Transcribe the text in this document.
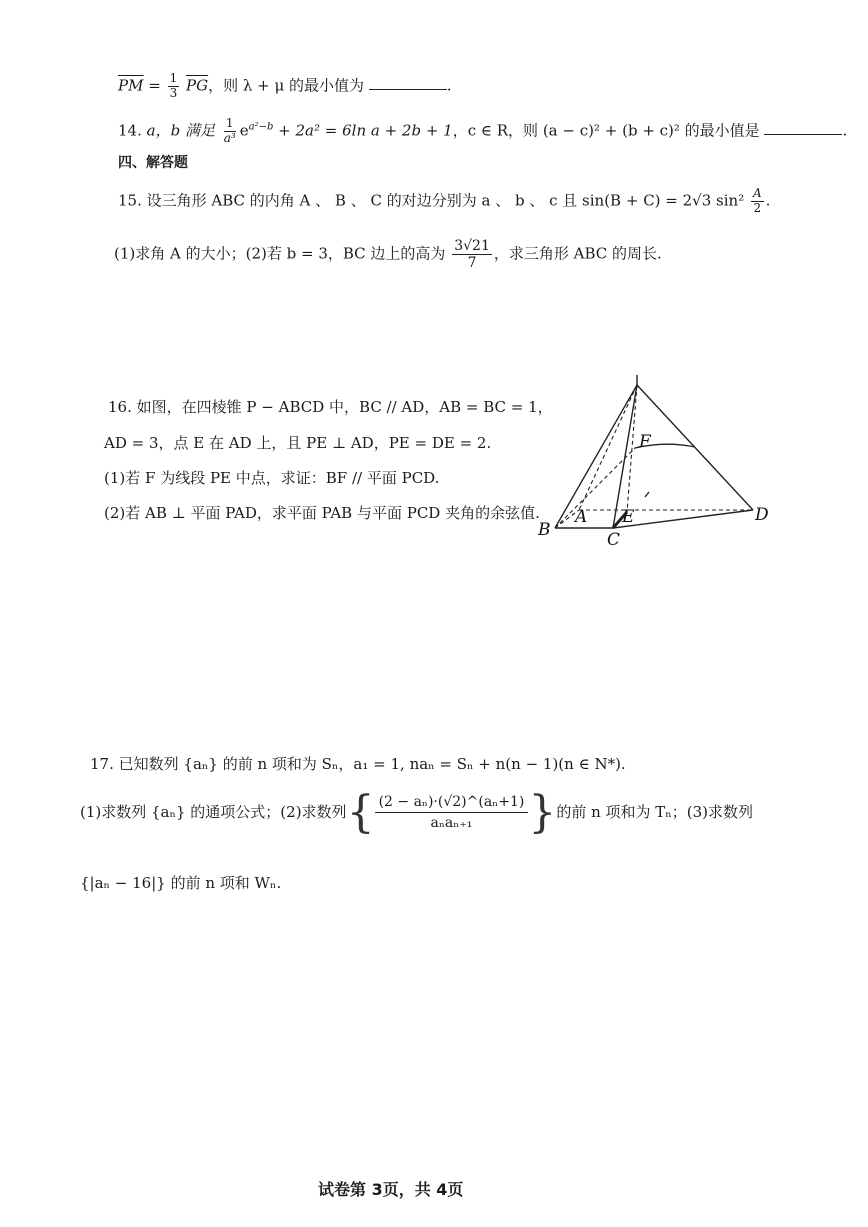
$\overline{PM} = \frac{1}{3} \overline{PG}$，则 λ + μ 的最小值为	.
14. a，b 满足 $\frac{1}{\text{a³}} e^{a^2-b} + 2a^2 = 6\ln$ a + 2b + 1，c ∈ R，则 (a − c)² + (b + c)² 的最小值是	.
四、解答题
15. 设三角形 ABC 的内角 A 、 B 、 C 的对边分别为 a 、 b 、 c 且 sin(B + C) = 2√3 $\sin^2 \frac{A}{2}$ .
(1)求角 A 的大小；(2)若 b = 3，BC 边上的高为 $\frac{3√21}{7}$ ，求三角形 ABC 的周长.
16. 如图，在四棱锥 P − ABCD 中，BC // AD，AB = BC = 1，
AD = 3，点 E 在 AD 上，且 PE ⊥ AD，PE = DE = 2.
(1)若 F 为线段 PE 中点，求证：BF // 平面 PCD.
(2)若 AB ⊥ 平面 PAD，求平面 PAB 与平面 PCD 夹角的余弦值.
B
A
C
E	D
F
17. 已知数列 {aₙ} 的前 n 项和为 Sₙ，a₁ = 1, naₙ = Sₙ + n(n − 1)(n ∈ N*).
(1)求数列 {aₙ} 的通项公式；(2)求数列 { $\frac{\text{(2 − aₙ)·(√2)\textasciicircum{}(aₙ+1)}}{\text{aₙaₙ₊₁}}$ } 的前 n 项和为 Tₙ；(3)求数列
{|aₙ − 16|} 的前 n 项和 Wₙ.
试卷第 3页，共 4页
